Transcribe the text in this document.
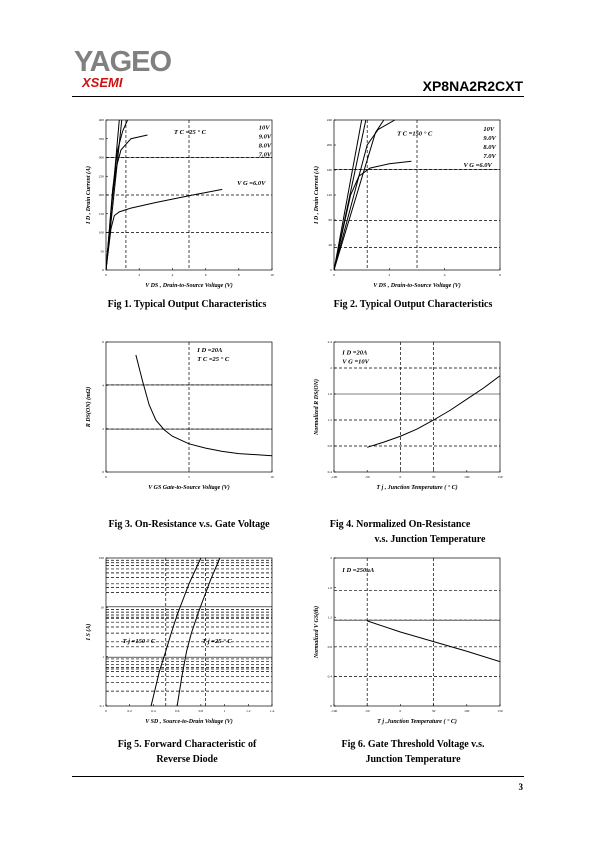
YAGEO
XSEMI	XP8NA2R2CXT
0
50
100
150
200
250
300
350
400
0	2	4	6	8	10
V DS , Drain-to-Source Voltage (V)
I D , Drain Current (A)
T C =25 ° C
10V
9.0V
8.0V
7.0V
V G =6.0V
0
40
80
120
160
200
240
0	2	4	6
V DS , Drain-to-Source Voltage (V)
I D , Drain Current (A)
T C =150 ° C
10V
9.0V
8.0V
7.0V
V G =6.0V
0
2
4
6
0	5	10
V GS Gate-to-Source Voltage (V)
R DS(ON) (mΩ)
I D =20A
T C =25 ° C
0.4
0.8
1.2
1.6
2
2.4
-100	-50	0	50	100	150
T j , Junction Temperature ( ° C)
Normalized R DS(ON)
I D =20A
V G =10V
0.1
1
10
100
0	0.2	0.4	0.6	0.8	1	1.2	1.4
V SD , Source-to-Drain Voltage (V)
I S (A)
T j =150 ° C	T j =25 ° C
0
0.4
0.8
1.2
1.6
2
-100	-50	0	50	100	150
T j ,Junction Temperature ( ° C)
Normalized V GS(th)
I D =250uA
Fig 1. Typical Output Characteristics	Fig 2. Typical Output Characteristics
Fig 3. On-Resistance v.s. Gate Voltage	Fig 4. Normalized On-Resistance
v.s. Junction Temperature
Fig 5. Forward Characteristic of
Reverse Diode
Fig 6. Gate Threshold Voltage v.s.
Junction Temperature
3
